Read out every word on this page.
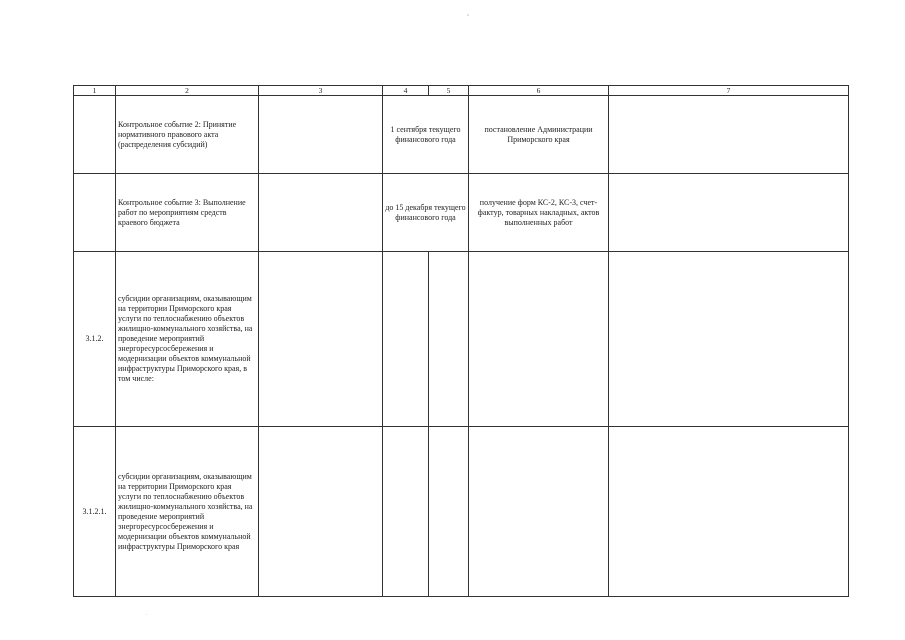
ˇ
1	2	3	4	5	6	7
	Контрольное событие 2: Принятие нормативного правового акта (распределения субсидий)		1 сентября текущего финансового года		постановление Администрации Приморского края	
	Контрольное событие 3: Выполнение работ по мероприятиям средств краевого бюджета		до 15 декабря текущего финансового года		получение форм КС-2, КС-3, счет-фактур, товарных накладных, актов выполненных работ	
3.1.2.	субсидии организациям, оказывающим на территории Приморского края услуги по теплоснабжению объектов жилищно-коммунального хозяйства, на проведение мероприятий энергоресурсосбережения и модернизации объектов коммунальной инфраструктуры Приморского края, в том числе:					
3.1.2.1.	субсидии организациям, оказывающим на территории Приморского края услуги по теплоснабжению объектов жилищно-коммунального хозяйства, на проведение мероприятий энергоресурсосбережения и модернизации объектов коммунальной инфраструктуры Приморского края					
.
